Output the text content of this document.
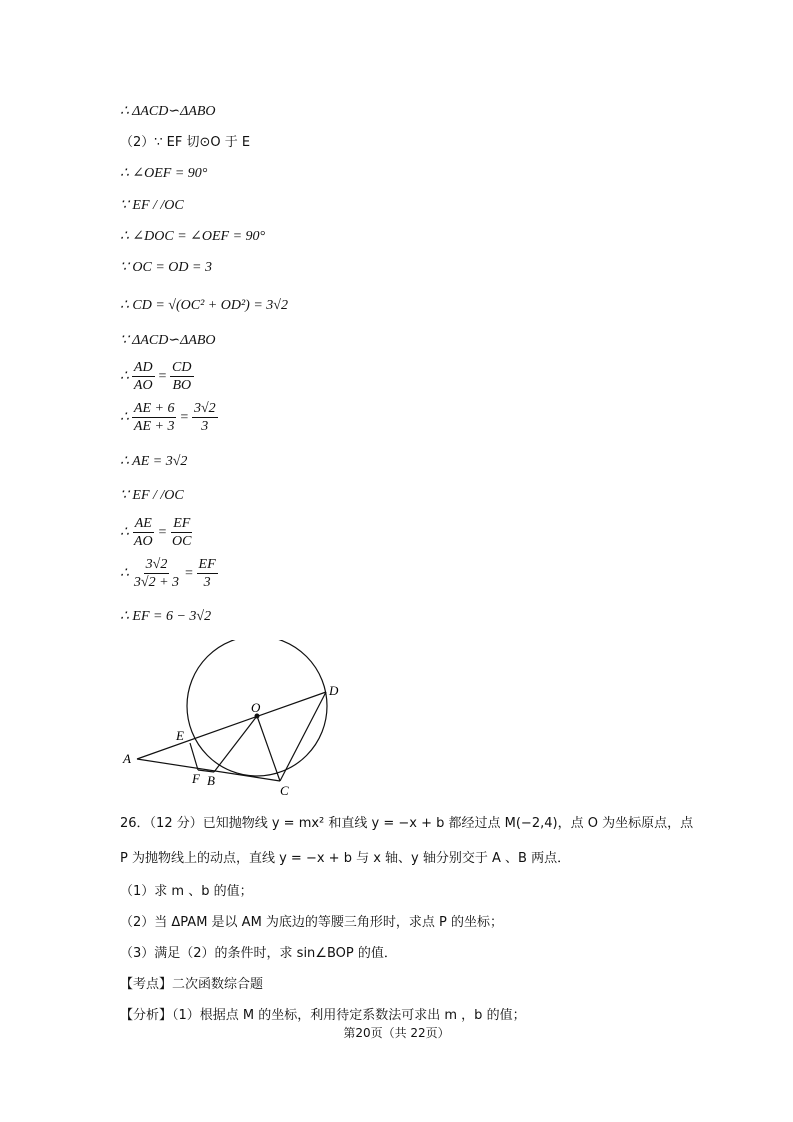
∴ ΔACD∽ΔABO
（2）∵ EF 切⊙O 于 E
∴ ∠OEF = 90°
∵ EF / /OC
∴ ∠DOC = ∠OEF = 90°
∵ OC = OD = 3
∴ CD = √(OC² + OD²) = 3√2
∵ ΔACD∽ΔABO
∴ $\frac{AD}{AO} = \frac{CD}{BO}$
∴ $\frac{AE + 6}{AE + 3} = \frac{3√2}{3}$
∴ AE = 3√2
∵ EF / /OC
∴ $\frac{AE}{AO} = \frac{EF}{OC}$
∴ $\frac{3√2}{3√2 + 3} = \frac{EF}{3}$
∴ EF = 6 − 3√2
O
D
E
A
F B
C
26．（12 分）已知抛物线 y = mx² 和直线 y = −x + b 都经过点 M(−2,4)，点 O 为坐标原点，点
P 为抛物线上的动点，直线 y = −x + b 与 x 轴、y 轴分别交于 A 、B 两点．
（1）求 m 、b 的值；
（2）当 ΔPAM 是以 AM 为底边的等腰三角形时，求点 P 的坐标；
（3）满足（2）的条件时，求 sin∠BOP 的值．
【考点】二次函数综合题
【分析】（1）根据点 M 的坐标，利用待定系数法可求出 m ，b 的值；
第20页（共 22页）
